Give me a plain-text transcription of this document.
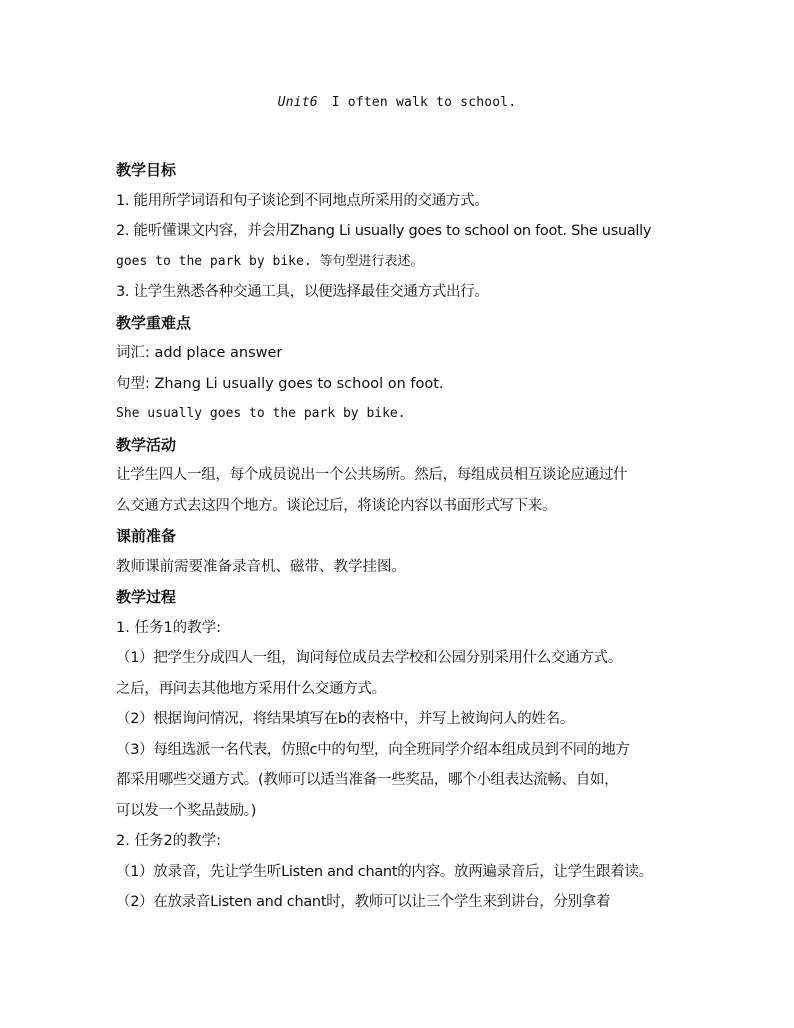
Unit6 I often walk to school.
教学目标
1. 能用所学词语和句子谈论到不同地点所采用的交通方式。
2. 能听懂课文内容，并会用Zhang Li usually goes to school on foot. She usually
goes to the park by bike. 等句型进行表述。
3. 让学生熟悉各种交通工具，以便选择最佳交通方式出行。
教学重难点
词汇: add place answer
句型: Zhang Li usually goes to school on foot.
She usually goes to the park by bike.
教学活动
让学生四人一组，每个成员说出一个公共场所。然后，每组成员相互谈论应通过什
么交通方式去这四个地方。谈论过后，将谈论内容以书面形式写下来。
课前准备
教师课前需要准备录音机、磁带、教学挂图。
教学过程
1. 任务1的教学:
（1）把学生分成四人一组，询问每位成员去学校和公园分别采用什么交通方式。
之后，再问去其他地方采用什么交通方式。
（2）根据询问情况，将结果填写在b的表格中，并写上被询问人的姓名。
（3）每组选派一名代表，仿照c中的句型，向全班同学介绍本组成员到不同的地方
都采用哪些交通方式。(教师可以适当准备一些奖品，哪个小组表达流畅、自如，
可以发一个奖品鼓励。)
2. 任务2的教学:
（1）放录音，先让学生听Listen and chant的内容。放两遍录音后，让学生跟着读。
（2）在放录音Listen and chant时，教师可以让三个学生来到讲台，分别拿着
